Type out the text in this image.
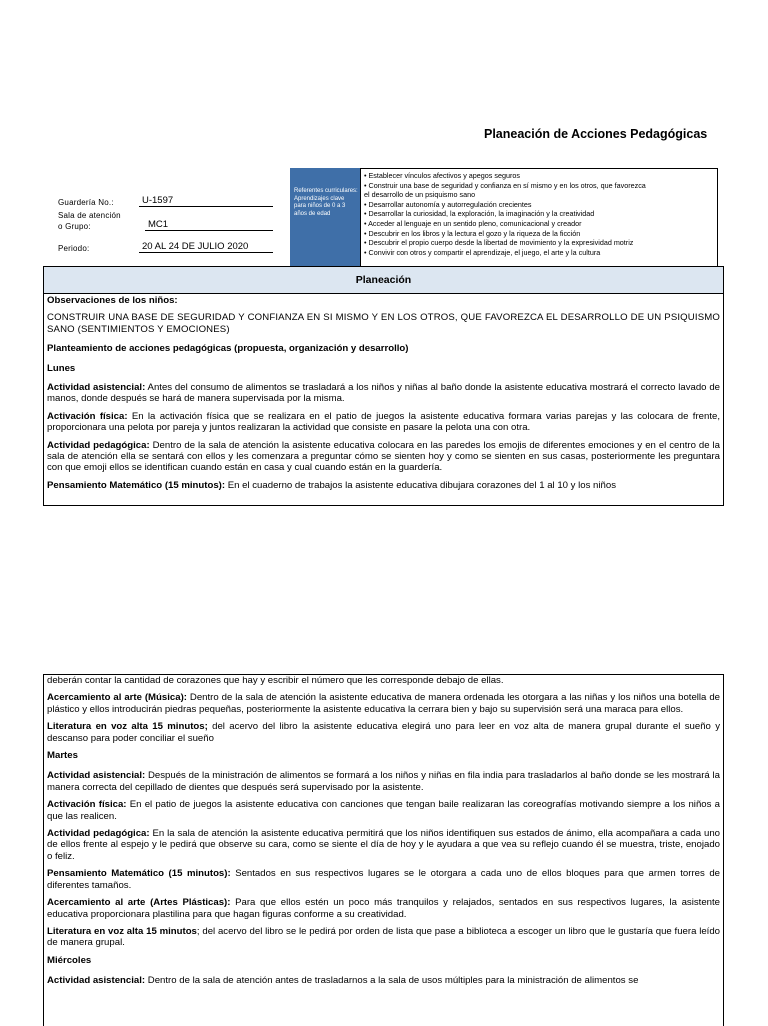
Planeación de Acciones Pedagógicas
Guardería No.:	U-1597
Sala de atención
o Grupo:	MC1
Periodo:	20 AL 24 DE JULIO 2020
Referentes curriculares: Aprendizajes clave para niños de 0 a 3 años de edad
• Establecer vínculos afectivos y apegos seguros
• Construir una base de seguridad y confianza en sí mismo y en los otros, que favorezca
el desarrollo de un psiquismo sano
• Desarrollar autonomía y autorregulación crecientes
• Desarrollar la curiosidad, la exploración, la imaginación y la creatividad
• Acceder al lenguaje en un sentido pleno, comunicacional y creador
• Descubrir en los libros y la lectura el gozo y la riqueza de la ficción
• Descubrir el propio cuerpo desde la libertad de movimiento y la expresividad motriz
• Convivir con otros y compartir el aprendizaje, el juego, el arte y la cultura
Planeación

Observaciones de los niños:

CONSTRUIR UNA BASE DE SEGURIDAD Y CONFIANZA EN SI MISMO Y EN LOS OTROS, QUE FAVOREZCA EL DESARROLLO DE UN PSIQUISMO SANO (SENTIMIENTOS Y EMOCIONES)

Planteamiento de acciones pedagógicas (propuesta, organización y desarrollo)

Lunes

Actividad asistencial: Antes del consumo de alimentos se trasladará a los niños y niñas al baño donde la asistente educativa mostrará el correcto lavado de manos, donde después se hará de manera supervisada por la misma.

Activación física: En la activación física que se realizara en el patio de juegos la asistente educativa formara varias parejas y las colocara de frente, proporcionara una pelota por pareja y juntos realizaran la actividad que consiste en pasare la pelota una con otra.

Actividad pedagógica: Dentro de la sala de atención la asistente educativa colocara en las paredes los emojis de diferentes emociones y en el centro de la sala de atención ella se sentará con ellos y les comenzara a preguntar cómo se sienten hoy y como se sienten en sus casas, posteriormente les preguntara con que emoji ellos se identifican cuando están en casa y cual cuando están en la guardería.

Pensamiento Matemático (15 minutos): En el cuaderno de trabajos la asistente educativa dibujara corazones del 1 al 10 y los niños

deberán contar la cantidad de corazones que hay y escribir el número que les corresponde debajo de ellas.

Acercamiento al arte (Música): Dentro de la sala de atención la asistente educativa de manera ordenada les otorgara a las niñas y los niños una botella de plástico y ellos introducirán piedras pequeñas, posteriormente la asistente educativa la cerrara bien y bajo su supervisión será una maraca para ellos.

Literatura en voz alta 15 minutos; del acervo del libro la asistente educativa elegirá uno para leer en voz alta de manera grupal durante el sueño y descanso para poder conciliar el sueño

Martes

Actividad asistencial: Después de la ministración de alimentos se formará a los niños y niñas en fila india para trasladarlos al baño donde se les mostrará la manera correcta del cepillado de dientes que después será supervisado por la asistente.

Activación física: En el patio de juegos la asistente educativa con canciones que tengan baile realizaran las coreografías motivando siempre a los niños a que las realicen.

Actividad pedagógica: En la sala de atención la asistente educativa permitirá que los niños identifiquen sus estados de ánimo, ella acompañara a cada uno de ellos frente al espejo y le pedirá que observe su cara, como se siente el día de hoy y le ayudara a que vea su reflejo cuando él se muestra, triste, enojado o feliz.

Pensamiento Matemático (15 minutos): Sentados en sus respectivos lugares se le otorgara a cada uno de ellos bloques para que armen torres de diferentes tamaños.

Acercamiento al arte (Artes Plásticas): Para que ellos estén un poco más tranquilos y relajados, sentados en sus respectivos lugares, la asistente educativa proporcionara plastilina para que hagan figuras conforme a su creatividad.

Literatura en voz alta 15 minutos; del acervo del libro se le pedirá por orden de lista que pase a biblioteca a escoger un libro que le gustaría que fuera leído de manera grupal.

Miércoles

Actividad asistencial: Dentro de la sala de atención antes de trasladarnos a la sala de usos múltiples para la ministración de alimentos se
